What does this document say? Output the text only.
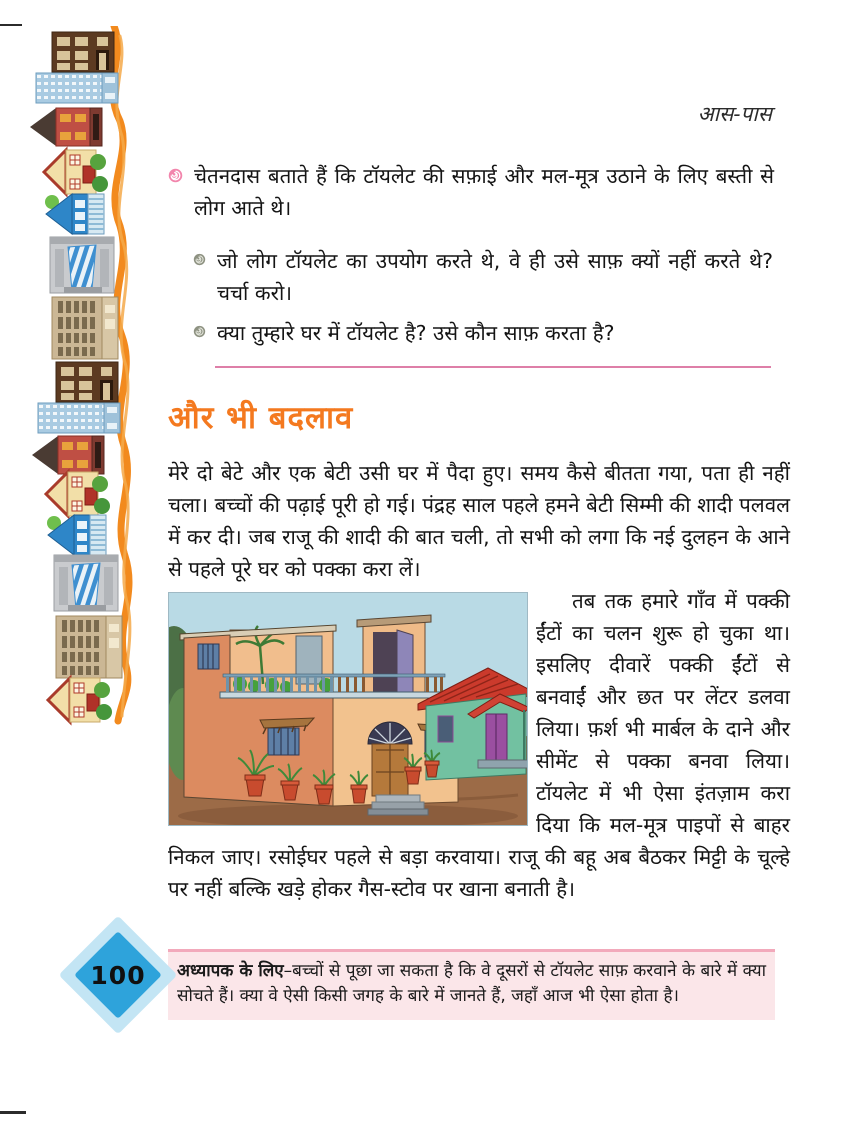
आस-पास
चेतनदास बताते हैं कि टॉयलेट की सफ़ाई और मल-मूत्र उठाने के लिए बस्ती से लोग आते थे।
जो लोग टॉयलेट का उपयोग करते थे, वे ही उसे साफ़ क्यों नहीं करते थे? चर्चा करो।
क्या तुम्हारे घर में टॉयलेट है? उसे कौन साफ़ करता है?
और भी बदलाव

मेरे दो बेटे और एक बेटी उसी घर में पैदा हुए। समय कैसे बीतता गया, पता ही नहीं चला। बच्चों की पढ़ाई पूरी हो गई। पंद्रह साल पहले हमने बेटी सिम्मी की शादी पलवल में कर दी। जब राजू की शादी की बात चली, तो सभी को लगा कि नई दुलहन के आने से पहले पूरे घर को पक्का करा लें।

तब तक हमारे गाँव में पक्की ईंटों का चलन शुरू हो चुका था। इसलिए दीवारें पक्की ईंटों से बनवाईं और छत पर लेंटर डलवा लिया। फ़र्श भी मार्बल के दाने और सीमेंट से पक्का बनवा लिया। टॉयलेट में भी ऐसा इंतज़ाम करा दिया कि मल-मूत्र पाइपों से बाहर निकल जाए। रसोईघर पहले से बड़ा करवाया। राजू की बहू अब बैठकर मिट्टी के चूल्हे पर नहीं बल्कि खड़े होकर गैस-स्टोव पर खाना बनाती है।

अध्यापक के लिए–बच्चों से पूछा जा सकता है कि वे दूसरों से टॉयलेट साफ़ करवाने के बारे में क्या सोचते हैं। क्या वे ऐसी किसी जगह के बारे में जानते हैं, जहाँ आज भी ऐसा होता है।
100
